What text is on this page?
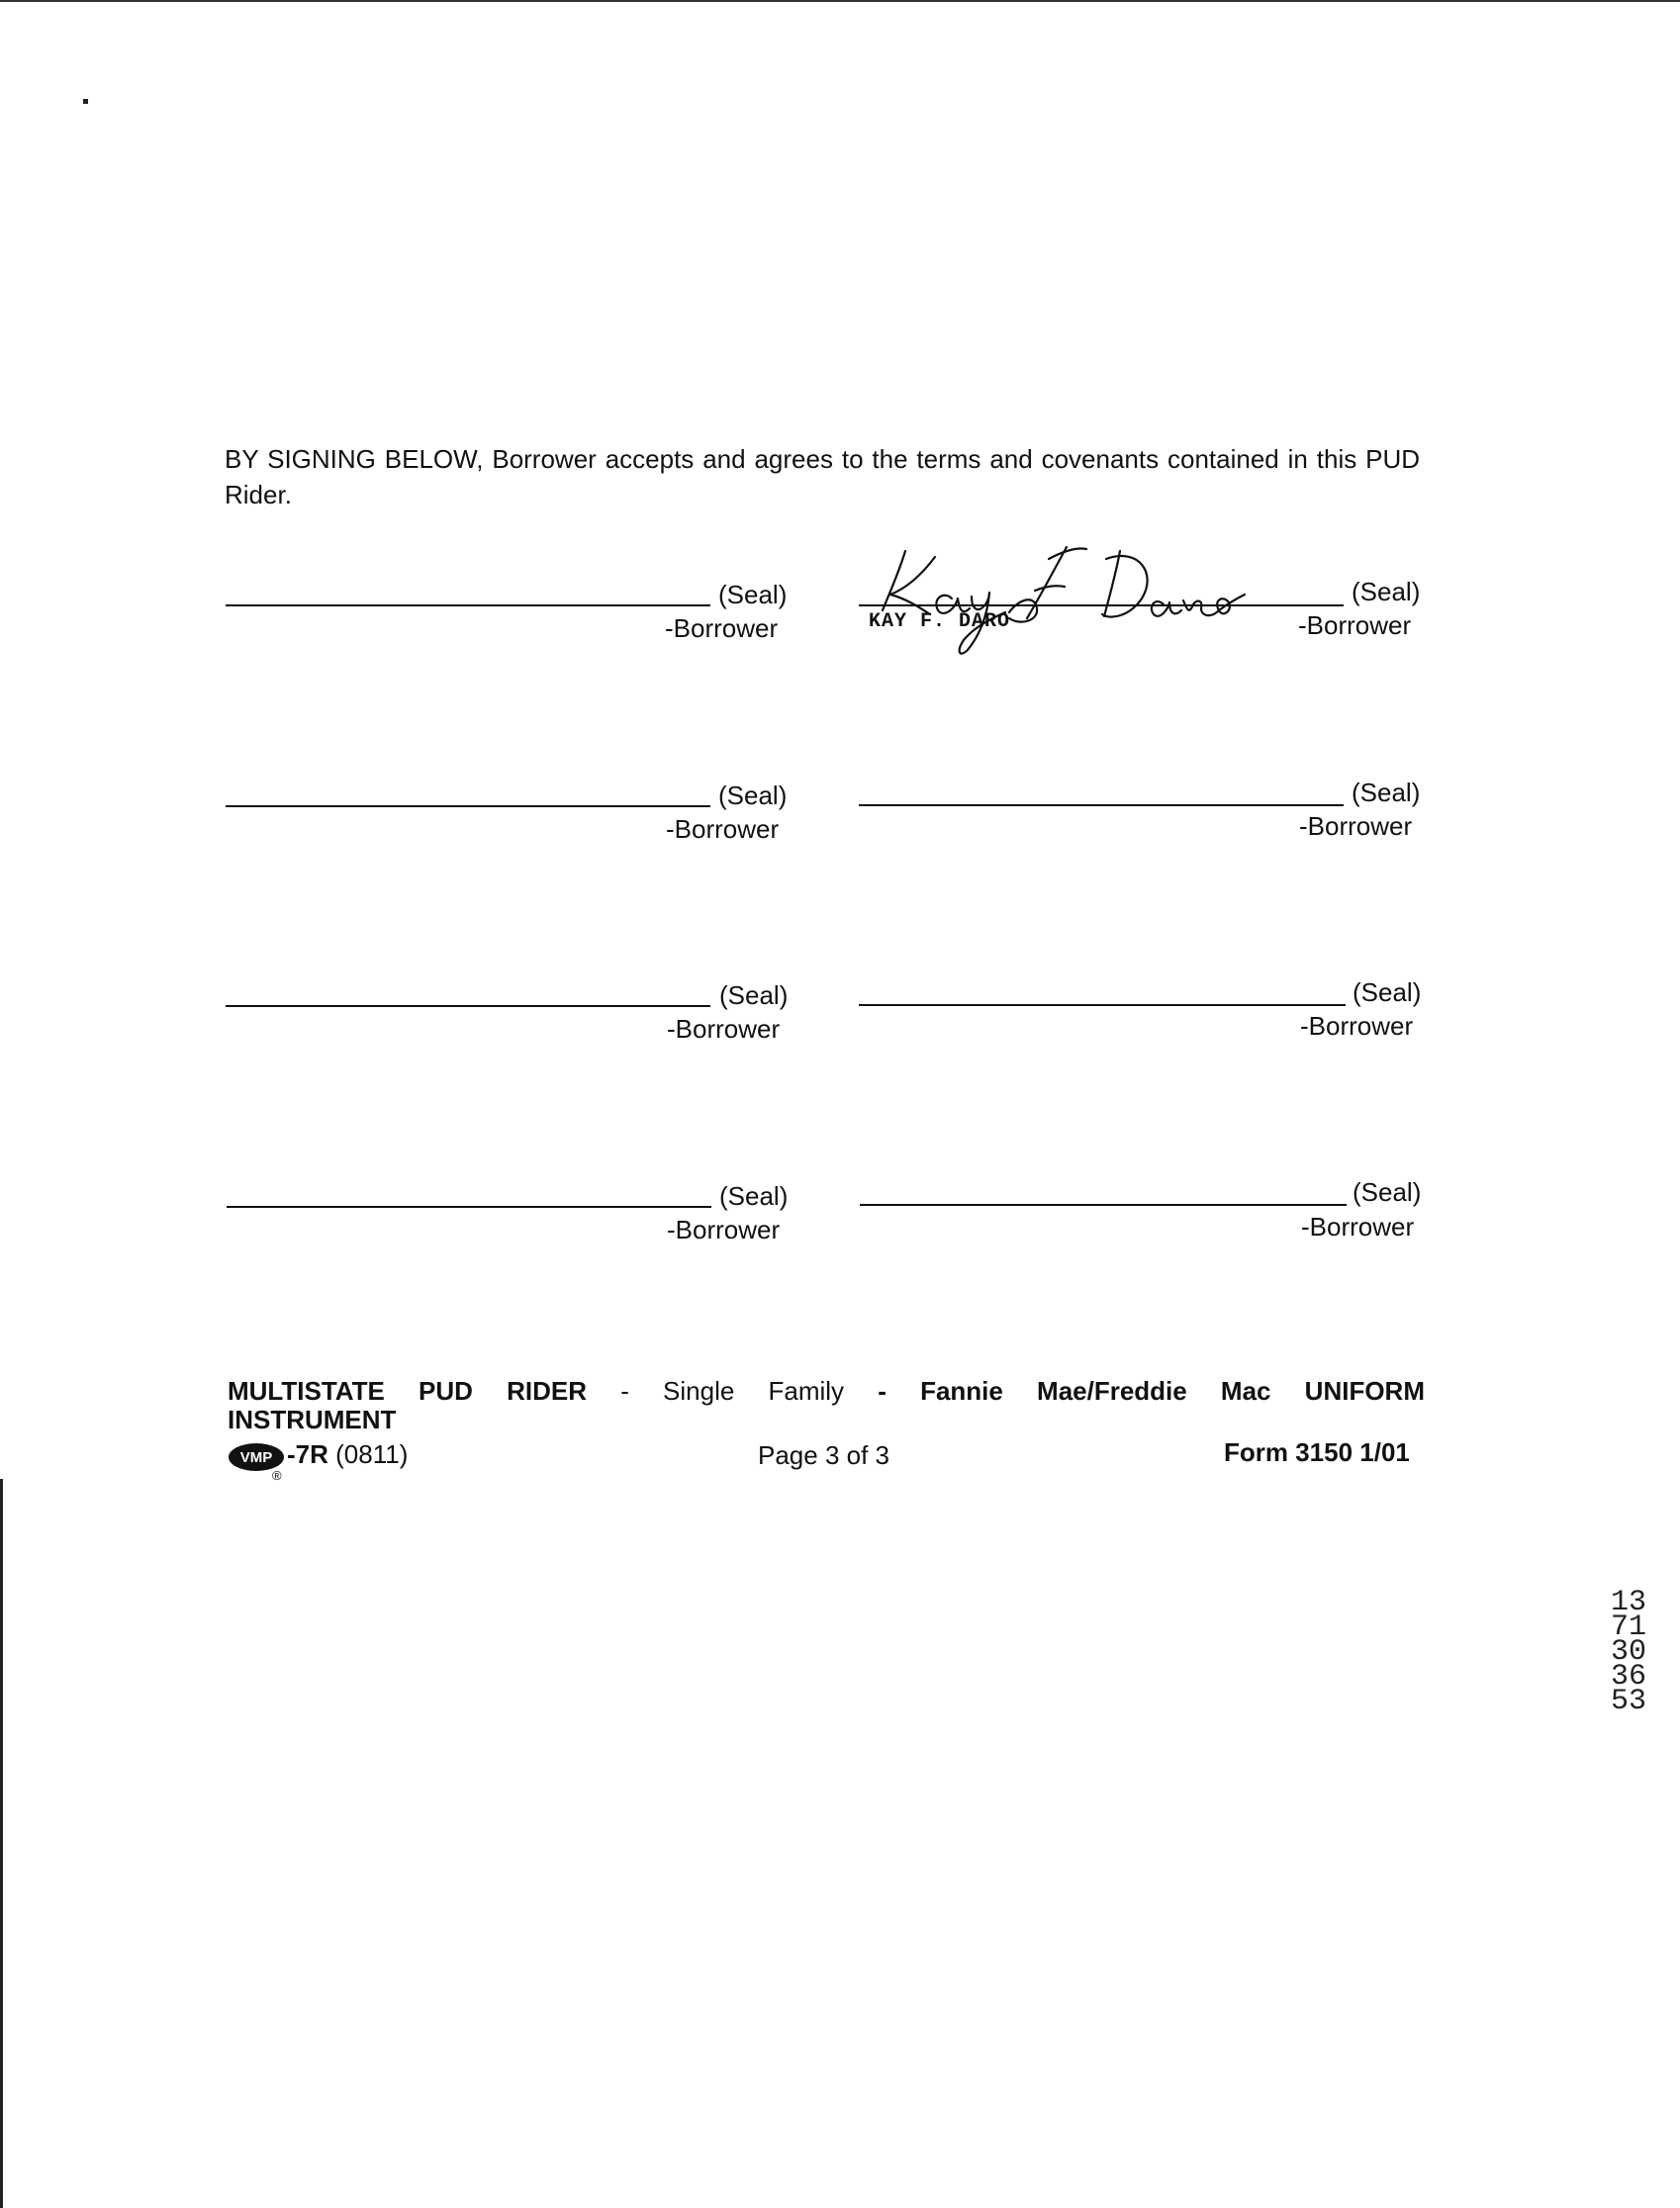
BY SIGNING BELOW, Borrower accepts and agrees to the terms and covenants contained in this PUD Rider.
(Seal)
-Borrower	KAY F. DARO
(Seal)
-Borrower
(Seal)
-Borrower
(Seal)
-Borrower
(Seal)
-Borrower
(Seal)
-Borrower
(Seal)
-Borrower
(Seal)
-Borrower
MULTISTATE PUD RIDER - Single Family - Fannie Mae/Freddie Mac UNIFORM
INSTRUMENT
VMP
®
-7R (0811)	Page 3 of 3	Form 3150 1/01
1371303653
